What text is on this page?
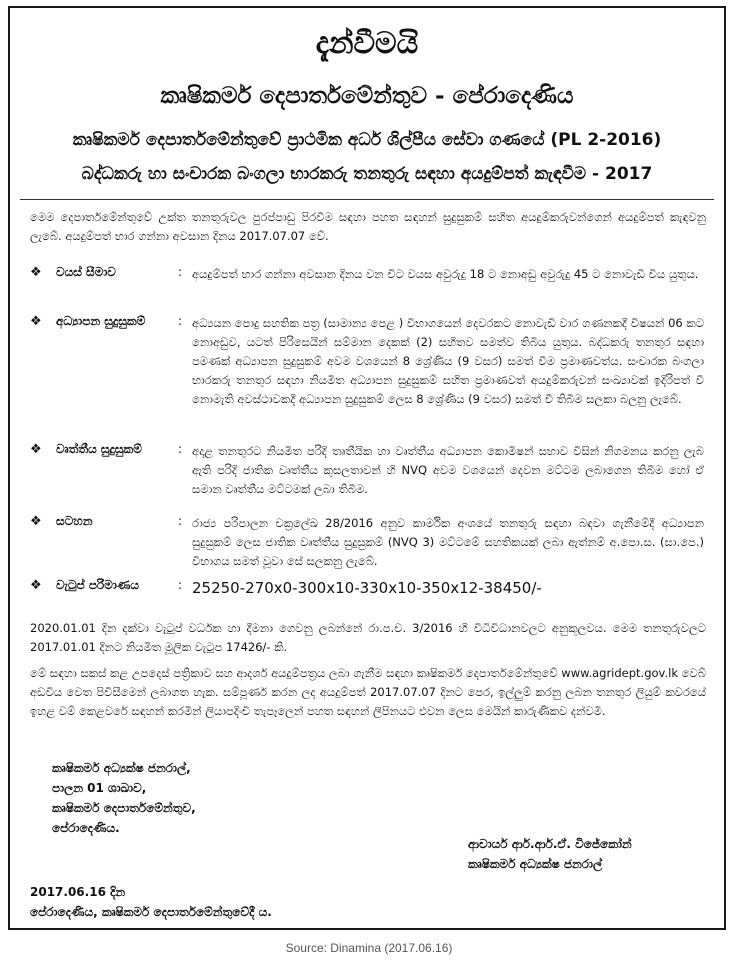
දැන්වීමයි

කෘෂිකර්ම දෙපාර්තමේන්තුව - පේරාදෙණිය

කෘෂිකර්ම දෙපාර්තමේන්තුවේ ප්‍රාථමික අර්ධ ශිල්පීය සේවා ගණයේ (PL 2-2016)

බද්ධකරු හා සංචාරක බංගලා භාරකරු තනතුරු සඳහා අයදුම්පත් කැඳවීම - 2017

මෙම දෙපාර්තමේන්තුවේ උක්ත තනතුරුවල පුරප්පාඩු පිරවීම සඳහා පහත සඳහන් සුදුසුකම් සහිත අයදුම්කරුවන්ගෙන් අයදුම්පත් කැඳවනු ලැබේ. අයදුම්පත් භාර ගන්නා අවසාන දිනය 2017.07.07 වේ.

❖ වයස් සීමාව	: අයදුම්පත් භාර ගන්නා අවසාන දිනය වන විට වයස අවුරුදු 18 ට නොඅඩු අවුරුදු 45 ට නොවැඩි විය යුතුය.

❖ අධ්‍යාපන සුදුසුකම්	: අධ්‍යයන පොදු සහතික පත්‍ර (සාමාන්‍ය පෙළ ) විභාගයෙන් දෙවරකට නොවැඩි වාර ගණනකදී විෂයන් 06 කට නොඅඩුව, යටත් පිරිසෙයින් සම්මාන දෙකක් (2) සහිතව සමත්ව තිබිය යුතුය. බද්ධකරු තනතුර සඳහා පමණක් අධ්‍යාපන සුදුසුකම් අවම වශයෙන් 8 ශ්‍රේණිය (9 වසර) සමත් වීම ප්‍රමාණවත්ය. සංචාරක බංගලා භාරකරු තනතුර සඳහා නියමිත අධ්‍යාපන සුදුසුකම් සහිත ප්‍රමාණවත් අයදුම්කරුවන් සංඛ්‍යාවක් ඉදිරිපත් වී නොමැති අවස්ථාවකදී අධ්‍යාපන සුදුසුකම් ලෙස 8 ශ්‍රේණිය (9 වසර) සමත් වී තිබීම සලකා බලනු ලැබේ.

❖ වෘත්තීය සුදුසුකම්	: අදාළ තනතුරට නියමිත පරිදි තෘතීයික හා වෘත්තීය අධ්‍යාපන කොමිෂන් සභාව විසින් නිගමනය කරනු ලැබ ඇති පරිදි ජාතික වෘත්තීය කුසලතාවන් හි NVQ අවම වශයෙන් දෙවන මට්ටම ලබාගෙන තිබීම හෝ ඒ සමාන වෘත්තීය මට්ටමක් ලබා තිබීම.

❖ සටහන	: රාජ්‍ය පරිපාලන චක්‍රලේඛ 28/2016 අනුව කාර්මික අංශයේ තනතුරු සඳහා බඳවා ගැනීමේදී අධ්‍යාපන සුදුසුකම් ලෙස ජාතික වෘත්තීය සුදුසුකම් (NVQ 3) මට්ටමේ සහතිකයක් ලබා ඇත්නම් අ.පො.ස. (සා.පෙ.) විභාගය සමත් වූවා සේ සලකනු ලැබේ.

❖ වැටුප් පරිමාණය	: 25250-270x0-300x10-330x10-350x12-38450/-

2020.01.01 දින දක්වා වැටුප් වර්ධක හා දීමනා ගෙවනු ලබන්නේ රා.ප.ච. 3/2016 හි විධිවිධානවලට අනුකූලවය. මෙම තනතුරුවලට 2017.01.01 දිනට නියමිත මූලික වැටුප 17426/- කි.

මේ සඳහා සකස් කළ උපදෙස් පත්‍රිකාව සහ ආදර්ශ අයදුම්පත්‍රය ලබා ගැනීම සඳහා කෘෂිකර්ම දෙපාර්තමේන්තුවේ www.agridept.gov.lk වෙබ් අඩවිය වෙත පිවිසීමෙන් ලබාගත හැක. සම්පූර්ණ කරන ලද අයදුම්පත් 2017.07.07 දිනට පෙර, ඉල්ලුම් කරනු ලබන තනතුර ලියුම් කවරයේ ඉහළ වම් කෙළවරේ සඳහන් කරමින් ලියාපදිංචි තැපෑලෙන් පහත සඳහන් ලිපිනයට එවන ලෙස මෙයින් කාරුණිකව දන්වමි.

කෘෂිකර්ම අධ්‍යක්ෂ ජනරාල්,
පාලන 01 ශාඛාව,
කෘෂිකර්ම දෙපාර්තමේන්තුව,
පේරාදෙණිය.
ආචාර්ය ආර්.ආර්.ඒ. විජේකෝන්
කෘෂිකර්ම අධ්‍යක්ෂ ජනරාල්
2017.06.16 දින
පේරාදෙණිය, කෘෂිකර්ම දෙපාර්තමේන්තුවේදී ය.
Source: Dinamina (2017.06.16)
